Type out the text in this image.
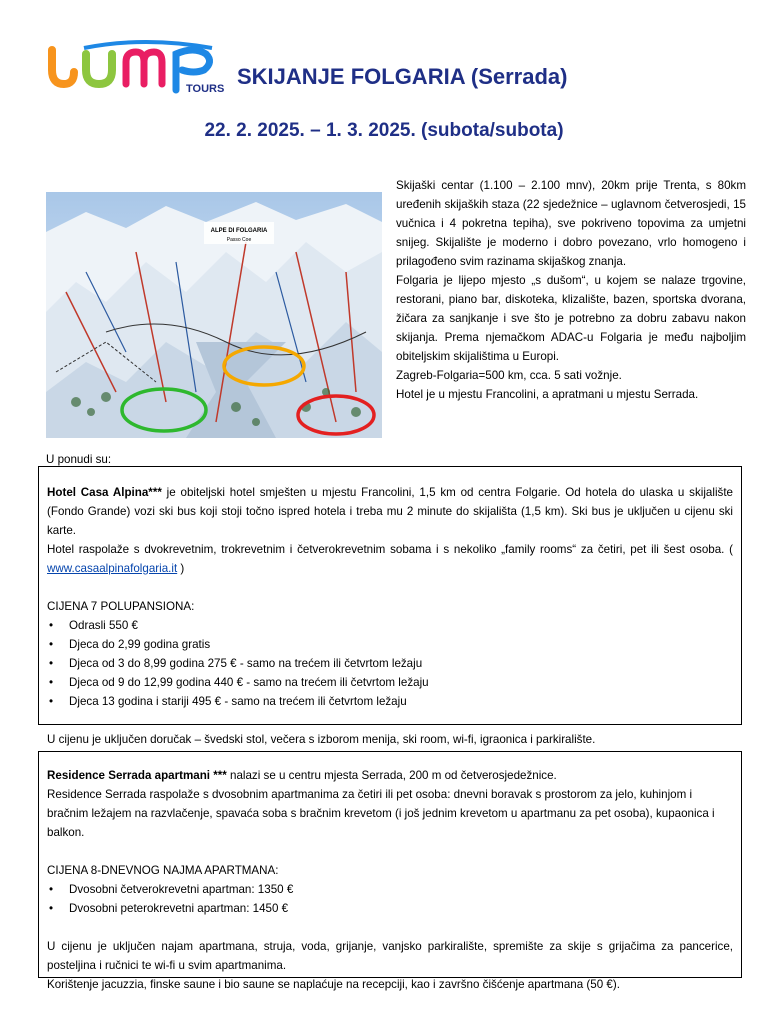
TOURS SKIJANJE FOLGARIA (Serrada)
22. 2. 2025. – 1. 3. 2025. (subota/subota)
ALPE DI FOLGARIA
Passo Coe

Skijaški centar (1.100 – 2.100 mnv), 20km prije Trenta, s 80km uređenih skijaških staza (22 sjedežnice – uglavnom četverosjedi, 15 vučnica i 4 pokretna tepiha), sve pokriveno topovima za umjetni snijeg. Skijalište je moderno i dobro povezano, vrlo homogeno i prilagođeno svim razinama skijaškog znanja.

Folgaria je lijepo mjesto „s dušom“, u kojem se nalaze trgovine, restorani, piano bar, diskoteka, klizalište, bazen, sportska dvorana, žičara za sanjkanje i sve što je potrebno za dobru zabavu nakon skijanja. Prema njemačkom ADAC-u Folgaria je među najboljim obiteljskim skijalištima u Europi.

Zagreb-Folgaria=500 km, cca. 5 sati vožnje.

Hotel je u mjestu Francolini, a apratmani u mjestu Serrada.

U ponudi su:

Hotel Casa Alpina*** je obiteljski hotel smješten u mjestu Francolini, 1,5 km od centra Folgarie. Od hotela do ulaska u skijalište (Fondo Grande) vozi ski bus koji stoji točno ispred hotela i treba mu 2 minute do skijališta (1,5 km). Ski bus je uključen u cijenu ski karte.

Hotel raspolaže s dvokrevetnim, trokrevetnim i četverokrevetnim sobama i s nekoliko „family rooms“ za četiri, pet ili šest osoba. ( www.casaalpinafolgaria.it )

CIJENA 7 POLUPANSIONA:

• Odrasli 550 €
• Djeca do 2,99 godina gratis
• Djeca od 3 do 8,99 godina 275 € - samo na trećem ili četvrtom ležaju
• Djeca od 9 do 12,99 godina 440 € - samo na trećem ili četvrtom ležaju
• Djeca 13 godina i stariji 495 € - samo na trećem ili četvrtom ležaju

U cijenu je uključen doručak – švedski stol, večera s izborom menija, ski room, wi-fi, igraonica i parkiralište.

Residence Serrada apartmani *** nalazi se u centru mjesta Serrada, 200 m od četverosjedežnice.

Residence Serrada raspolaže s dvosobnim apartmanima za četiri ili pet osoba: dnevni boravak s prostorom za jelo, kuhinjom i bračnim ležajem na razvlačenje, spavaća soba s bračnim krevetom (i još jednim krevetom u apartmanu za pet osoba), kupaonica i balkon.

CIJENA 8-DNEVNOG NAJMA APARTMANA:

• Dvosobni četverokrevetni apartman: 1350 €
• Dvosobni peterokrevetni apartman: 1450 €

U cijenu je uključen najam apartmana, struja, voda, grijanje, vanjsko parkiralište, spremište za skije s grijačima za pancerice, posteljina i ručnici te wi-fi u svim apartmanima.

Korištenje jacuzzia, finske saune i bio saune se naplaćuje na recepciji, kao i završno čišćenje apartmana (50 €).
